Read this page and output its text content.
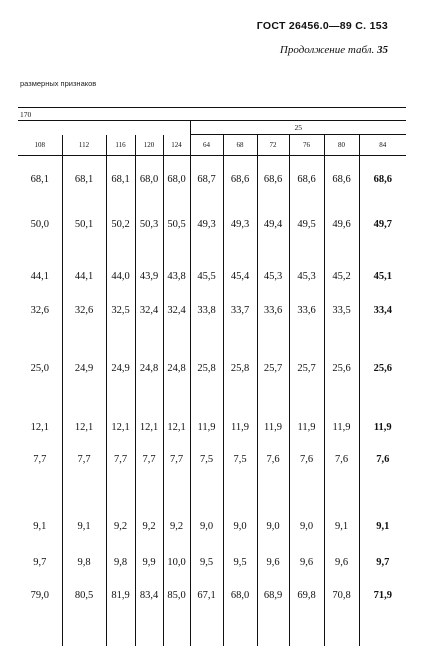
ГОСТ 26456.0—89 С. 153
Продолжение табл. 35
размерных признаков
170										
					25					
108	112	116	120	124	64	68	72	76	80	84
68,1	68,1	68,1	68,0	68,0	68,7	68,6	68,6	68,6	68,6	68,6
50,0	50,1	50,2	50,3	50,5	49,3	49,3	49,4	49,5	49,6	49,7
44,1	44,1	44,0	43,9	43,8	45,5	45,4	45,3	45,3	45,2	45,1
32,6	32,6	32,5	32,4	32,4	33,8	33,7	33,6	33,6	33,5	33,4
25,0	24,9	24,9	24,8	24,8	25,8	25,8	25,7	25,7	25,6	25,6
12,1	12,1	12,1	12,1	12,1	11,9	11,9	11,9	11,9	11,9	11,9
7,7	7,7	7,7	7,7	7,7	7,5	7,5	7,6	7,6	7,6	7,6
9,1	9,1	9,2	9,2	9,2	9,0	9,0	9,0	9,0	9,1	9,1
9,7	9,8	9,8	9,9	10,0	9,5	9,5	9,6	9,6	9,6	9,7
79,0	80,5	81,9	83,4	85,0	67,1	68,0	68,9	69,8	70,8	71,9
